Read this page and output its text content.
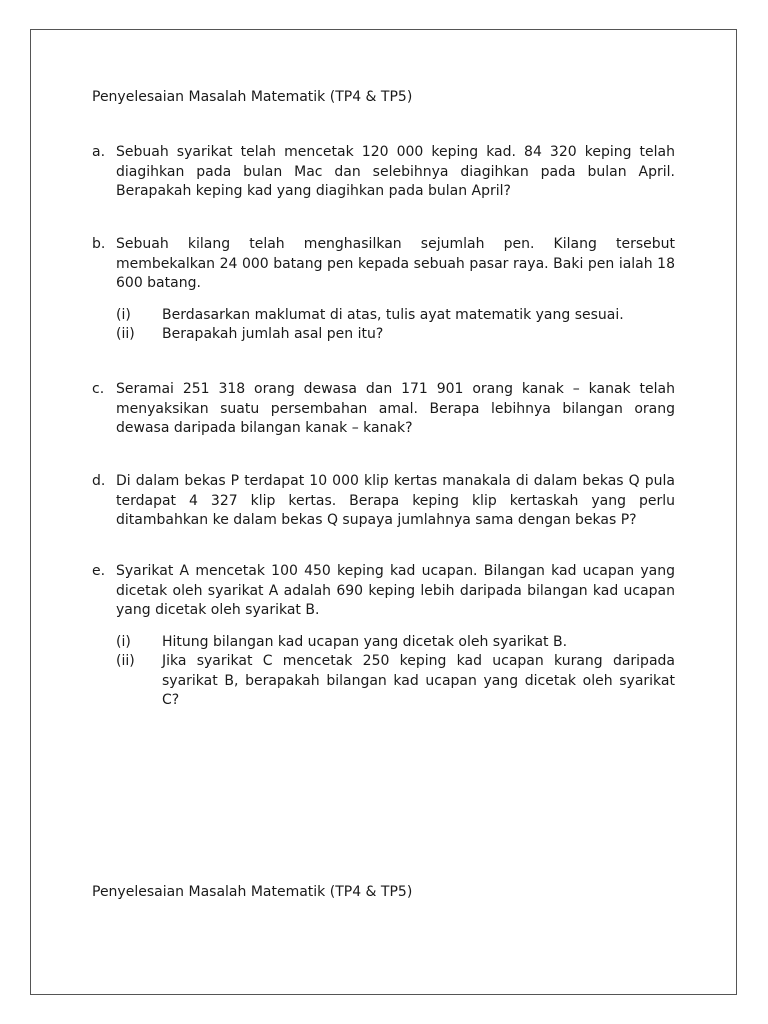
Penyelesaian Masalah Matematik (TP4 & TP5)
a. Sebuah syarikat telah mencetak 120 000 keping kad. 84 320 keping telah diagihkan pada bulan Mac dan selebihnya diagihkan pada bulan April. Berapakah keping kad yang diagihkan pada bulan April?
b. Sebuah kilang telah menghasilkan sejumlah pen. Kilang tersebut membekalkan 24 000 batang pen kepada sebuah pasar raya. Baki pen ialah 18 600 batang.
(i) Berdasarkan maklumat di atas, tulis ayat matematik yang sesuai.
(ii) Berapakah jumlah asal pen itu?
c. Seramai 251 318 orang dewasa dan 171 901 orang kanak – kanak telah menyaksikan suatu persembahan amal. Berapa lebihnya bilangan orang dewasa daripada bilangan kanak – kanak?
d. Di dalam bekas P terdapat 10 000 klip kertas manakala di dalam bekas Q pula terdapat 4 327 klip kertas. Berapa keping klip kertaskah yang perlu ditambahkan ke dalam bekas Q supaya jumlahnya sama dengan bekas P?
e. Syarikat A mencetak 100 450 keping kad ucapan. Bilangan kad ucapan yang dicetak oleh syarikat A adalah 690 keping lebih daripada bilangan kad ucapan yang dicetak oleh syarikat B.
(i) Hitung bilangan kad ucapan yang dicetak oleh syarikat B.
(ii) Jika syarikat C mencetak 250 keping kad ucapan kurang daripada syarikat B, berapakah bilangan kad ucapan yang dicetak oleh syarikat C?
Penyelesaian Masalah Matematik (TP4 & TP5)
